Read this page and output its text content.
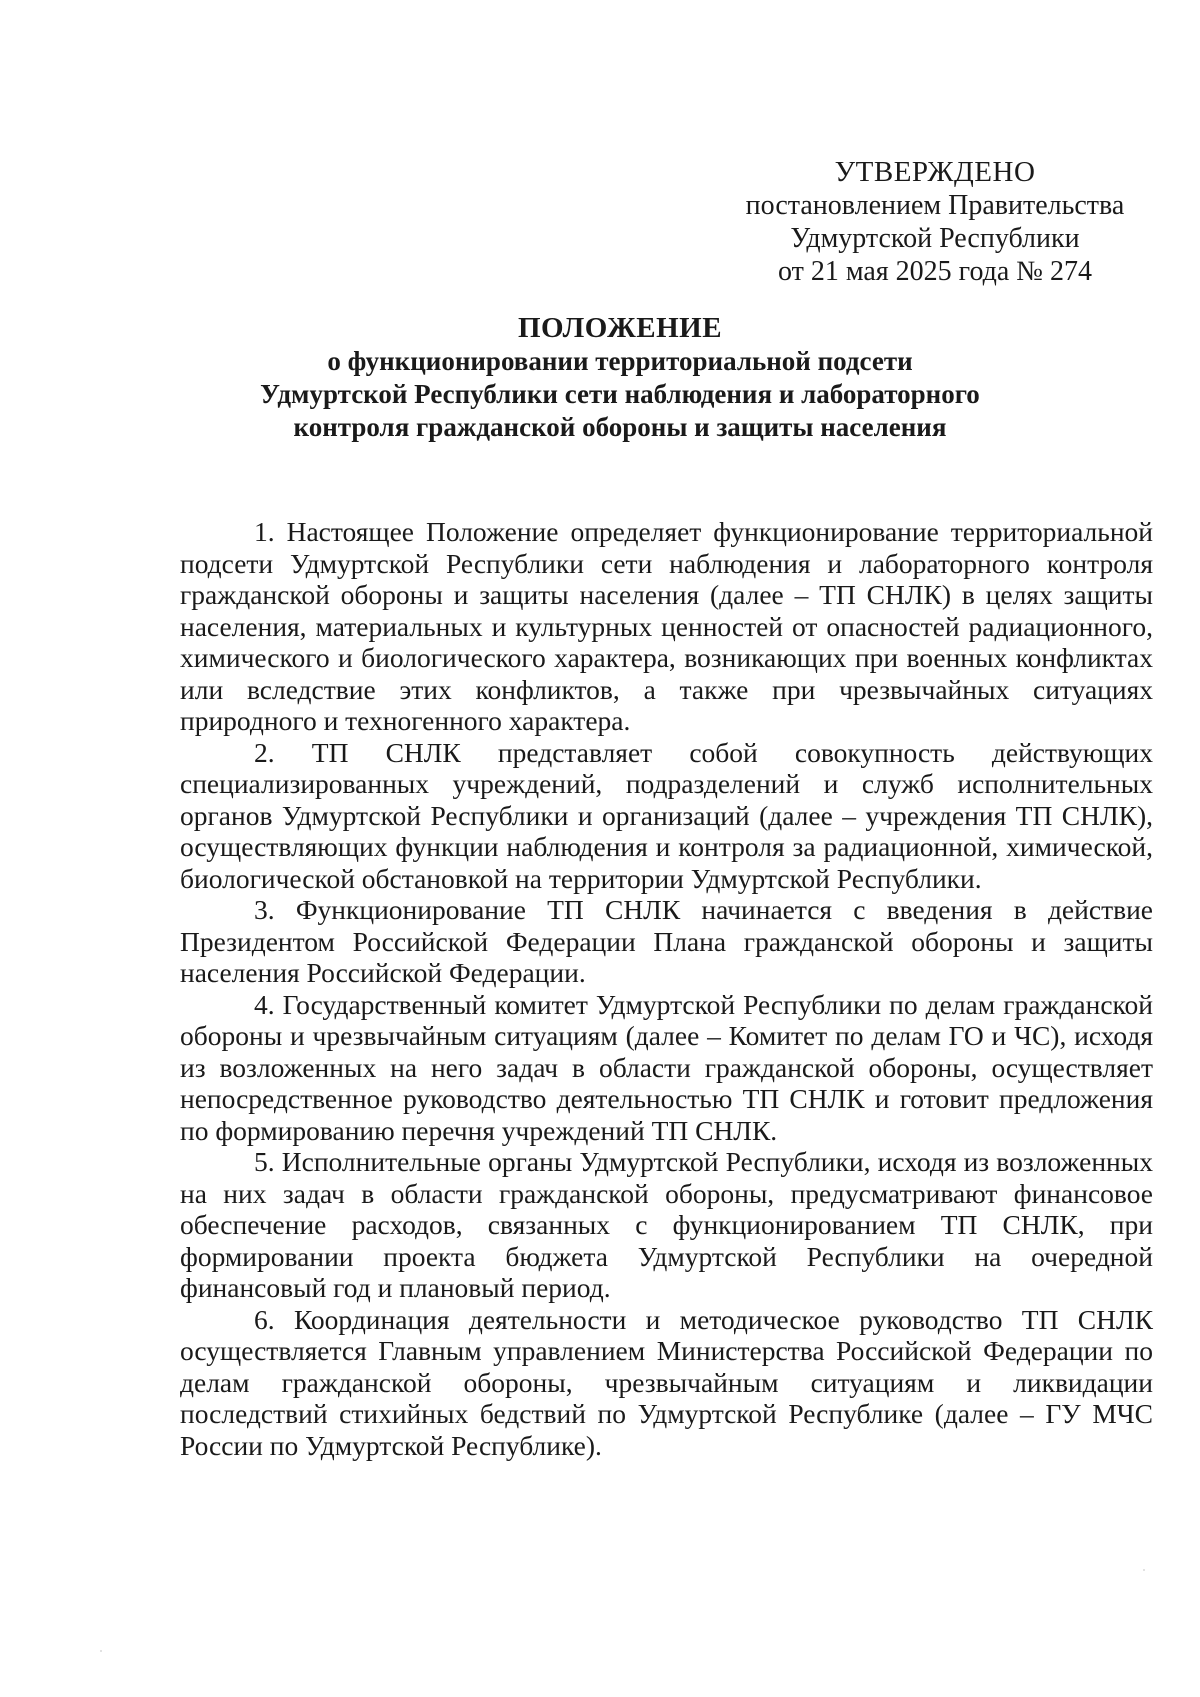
УТВЕРЖДЕНО
постановлением Правительства
Удмуртской Республики
от 21 мая 2025 года № 274
ПОЛОЖЕНИЕ
о функционировании территориальной подсети
Удмуртской Республики сети наблюдения и лабораторного
контроля гражданской обороны и защиты населения

1. Настоящее Положение определяет функционирование территориальной подсети Удмуртской Республики сети наблюдения и лабораторного контроля гражданской обороны и защиты населения (далее – ТП СНЛК) в целях защиты населения, материальных и культурных ценностей от опасностей радиационного, химического и биологического характера, возникающих при военных конфликтах или вследствие этих конфликтов, а также при чрезвычайных ситуациях природного и техногенного характера.

2. ТП СНЛК представляет собой совокупность действующих специализированных учреждений, подразделений и служб исполнительных органов Удмуртской Республики и организаций (далее – учреждения ТП СНЛК), осуществляющих функции наблюдения и контроля за радиационной, химической, биологической обстановкой на территории Удмуртской Республики.

3. Функционирование ТП СНЛК начинается с введения в действие Президентом Российской Федерации Плана гражданской обороны и защиты населения Российской Федерации.

4. Государственный комитет Удмуртской Республики по делам гражданской обороны и чрезвычайным ситуациям (далее – Комитет по делам ГО и ЧС), исходя из возложенных на него задач в области гражданской обороны, осуществляет непосредственное руководство деятельностью ТП СНЛК и готовит предложения по формированию перечня учреждений ТП СНЛК.

5. Исполнительные органы Удмуртской Республики, исходя из возложенных на них задач в области гражданской обороны, предусматривают финансовое обеспечение расходов, связанных с функционированием ТП СНЛК, при формировании проекта бюджета Удмуртской Республики на очередной финансовый год и плановый период.

6. Координация деятельности и методическое руководство ТП СНЛК осуществляется Главным управлением Министерства Российской Федерации по делам гражданской обороны, чрезвычайным ситуациям и ликвидации последствий стихийных бедствий по Удмуртской Республике (далее – ГУ МЧС России по Удмуртской Республике).
